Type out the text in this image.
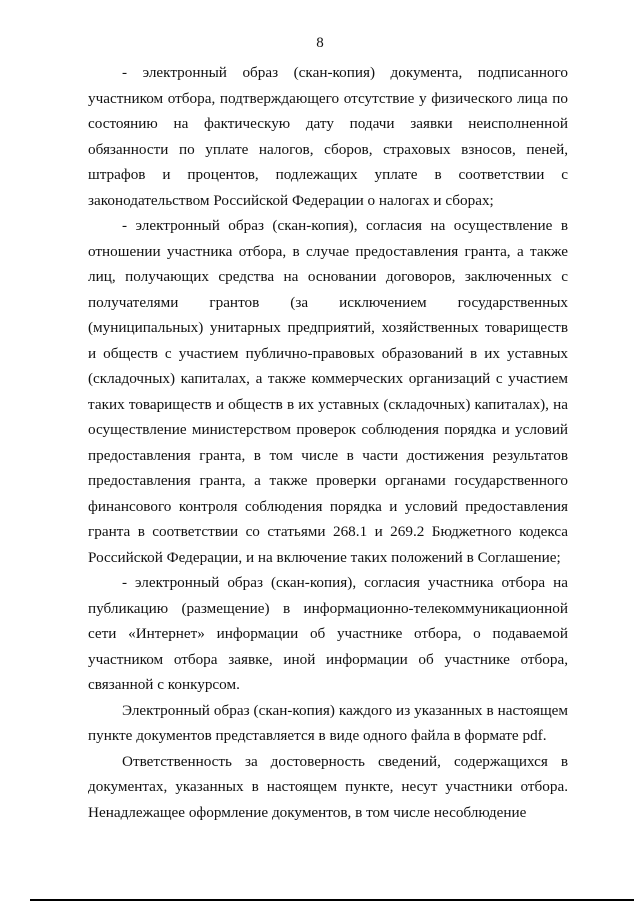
8

- электронный образ (скан-копия) документа, подписанного участником отбора, подтверждающего отсутствие у физического лица по состоянию на фактическую дату подачи заявки неисполненной обязанности по уплате налогов, сборов, страховых взносов, пеней, штрафов и процентов, подлежащих уплате в соответствии с законодательством Российской Федерации о налогах и сборах;

- электронный образ (скан-копия), согласия на осуществление в отношении участника отбора, в случае предоставления гранта, а также лиц, получающих средства на основании договоров, заключенных с получателями грантов (за исключением государственных (муниципальных) унитарных предприятий, хозяйственных товариществ и обществ с участием публично-правовых образований в их уставных (складочных) капиталах, а также коммерческих организаций с участием таких товариществ и обществ в их уставных (складочных) капиталах), на осуществление министерством проверок соблюдения порядка и условий предоставления гранта, в том числе в части достижения результатов предоставления гранта, а также проверки органами государственного финансового контроля соблюдения порядка и условий предоставления гранта в соответствии со статьями 268.1 и 269.2 Бюджетного кодекса Российской Федерации, и на включение таких положений в Соглашение;

- электронный образ (скан-копия), согласия участника отбора на публикацию (размещение) в информационно-телекоммуникационной сети «Интернет» информации об участнике отбора, о подаваемой участником отбора заявке, иной информации об участнике отбора, связанной с конкурсом.

Электронный образ (скан-копия) каждого из указанных в настоящем пункте документов представляется в виде одного файла в формате pdf.

Ответственность за достоверность сведений, содержащихся в документах, указанных в настоящем пункте, несут участники отбора. Ненадлежащее оформление документов, в том числе несоблюдение
